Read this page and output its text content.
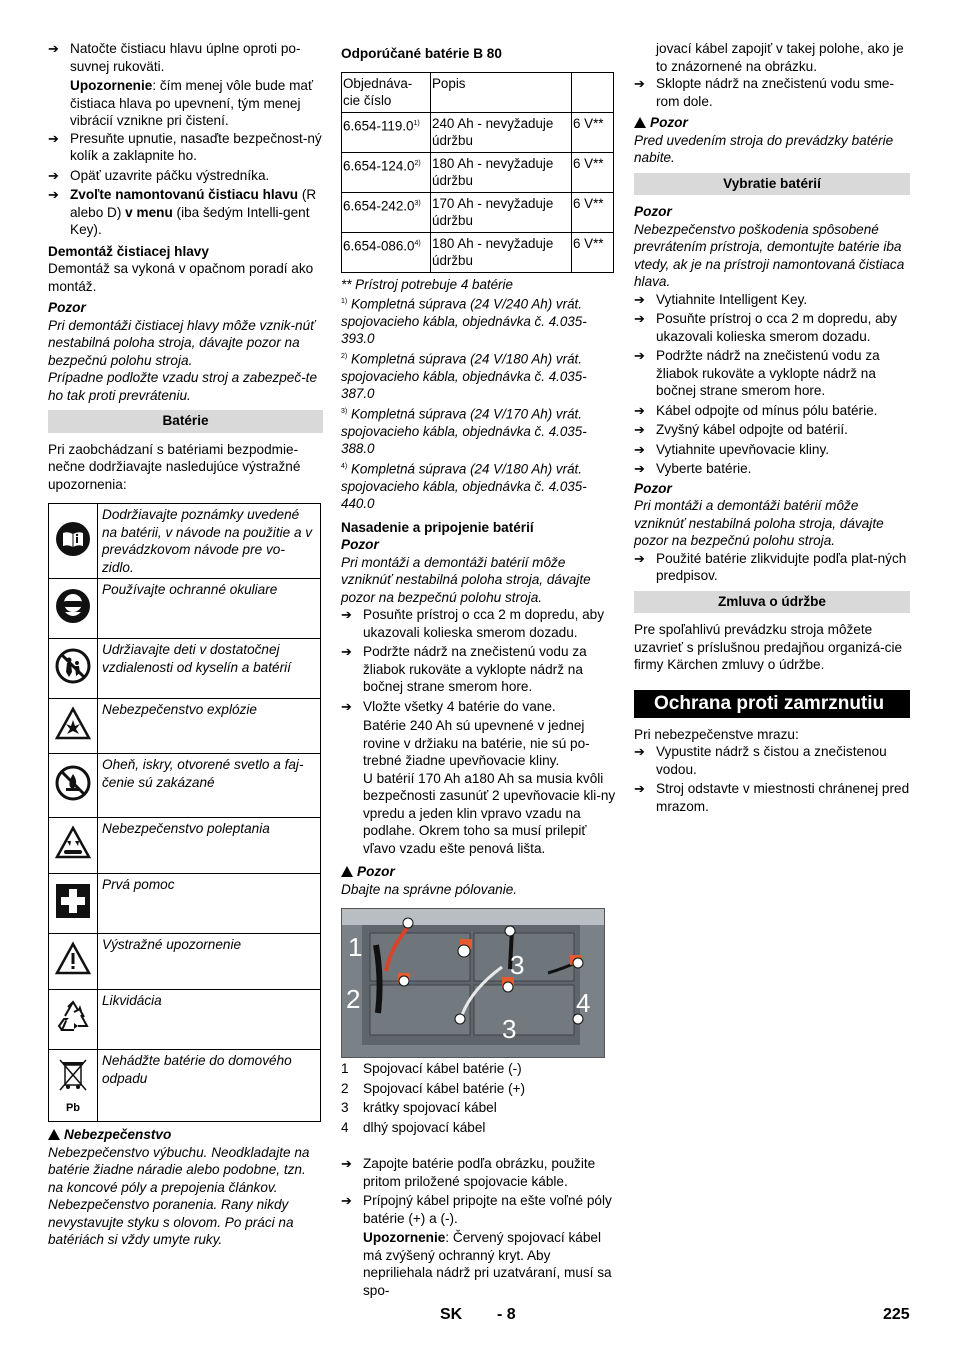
➔ Natočte čistiacu hlavu úplne oproti po-suvnej rukoväti.

Upozornenie: čím menej vôle bude mať čistiaca hlava po upevnení, tým menej vibrácií vznikne pri čistení.

➔ Presuňte upnutie, nasaďte bezpečnost-ný kolík a zaklapnite ho.
➔ Opäť uzavrite páčku výstredníka.
➔ Zvoľte namontovanú čistiacu hlavu (R alebo D) v menu (iba šedým Intelli-gent Key).

Demontáž čistiacej hlavy

Demontáž sa vykoná v opačnom poradí ako montáž.

Pozor

Pri demontáži čistiacej hlavy môže vznik-núť nestabilná poloha stroja, dávajte pozor na bezpečnú polohu stroja.

Prípadne podložte vzadu stroj a zabezpeč-te ho tak proti prevráteniu.

Batérie

Pri zaobchádzaní s batériami bezpodmie-nečne dodržiavajte nasledujúce výstražné upozornenia:

	Dodržiavajte poznámky uvedené na batérii, v návode na použitie a v prevádzkovom návode pre vo-zidlo.
	Používajte ochranné okuliare
	Udržiavajte deti v dostatočnej vzdialenosti od kyselín a batérií
	Nebezpečenstvo explózie
	Oheň, iskry, otvorené svetlo a faj-čenie sú zakázané
	Nebezpečenstvo poleptania
	Prvá pomoc
	Výstražné upozornenie
	Likvidácia

Pb	Nehádžte batérie do domového odpadu

Nebezpečenstvo

Nebezpečenstvo výbuchu. Neodkladajte na batérie žiadne náradie alebo podobne, tzn. na koncové póly a prepojenia článkov. Nebezpečenstvo poranenia. Rany nikdy nevystavujte styku s olovom. Po práci na batériách si vždy umyte ruky.

Odporúčané batérie B 80

Objednáva-cie číslo	Popis	
6.654-119.0$^{1)}$	240 Ah - nevyžaduje údržbu	6 V**
6.654-124.0$^{2)}$	180 Ah - nevyžaduje údržbu	6 V**
6.654-242.0$^{3)}$	170 Ah - nevyžaduje údržbu	6 V**
6.654-086.0$^{4)}$	180 Ah - nevyžaduje údržbu	6 V**

** Prístroj potrebuje 4 batérie

$^{1)}$ Kompletná súprava (24 V/240 Ah) vrát. spojovacieho kábla, objednávka č. 4.035-393.0

$^{2)}$ Kompletná súprava (24 V/180 Ah) vrát. spojovacieho kábla, objednávka č. 4.035-387.0

$^{3)}$ Kompletná súprava (24 V/170 Ah) vrát. spojovacieho kábla, objednávka č. 4.035-388.0

$^{4)}$ Kompletná súprava (24 V/180 Ah) vrát. spojovacieho kábla, objednávka č. 4.035-440.0

Nasadenie a pripojenie batérií

Pozor

Pri montáži a demontáži batérií môže vzniknúť nestabilná poloha stroja, dávajte pozor na bezpečnú polohu stroja.

➔ Posuňte prístroj o cca 2 m dopredu, aby ukazovali kolieska smerom dozadu.
➔ Podržte nádrž na znečistenú vodu za žliabok rukoväte a vyklopte nádrž na bočnej strane smerom hore.
➔ Vložte všetky 4 batérie do vane.

Batérie 240 Ah sú upevnené v jednej rovine v držiaku na batérie, nie sú po-trebné žiadne upevňovacie kliny.

U batérií 170 Ah a180 Ah sa musia kvôli bezpečnosti zasunúť 2 upevňovacie kli-ny vpredu a jeden klin vpravo vzadu na podlahe. Okrem toho sa musí prilepiť vľavo vzadu ešte penová lišta.

Pozor

Dbajte na správne pólovanie.

1
2
3
4
3
1	Spojovací kábel batérie (-)
2	Spojovací kábel batérie (+)
3	krátky spojovací kábel
4	dlhý spojovací kábel
➔ Zapojte batérie podľa obrázku, použite pritom priložené spojovacie káble.
➔ Prípojný kábel pripojte na ešte voľné póly batérie (+) a (-).

Upozornenie: Červený spojovací kábel má zvýšený ochranný kryt. Aby nepriliehala nádrž pri uzatváraní, musí sa spo-

jovací kábel zapojiť v takej polohe, ako je to znázornené na obrázku.

➔ Sklopte nádrž na znečistenú vodu sme-rom dole.

Pozor

Pred uvedením stroja do prevádzky batérie nabite.

Vybratie batérií

Pozor

Nebezpečenstvo poškodenia spôsobené prevrátením prístroja, demontujte batérie iba vtedy, ak je na prístroji namontovaná čistiaca hlava.

➔ Vytiahnite Intelligent Key.
➔ Posuňte prístroj o cca 2 m dopredu, aby ukazovali kolieska smerom dozadu.
➔ Podržte nádrž na znečistenú vodu za žliabok rukoväte a vyklopte nádrž na bočnej strane smerom hore.
➔ Kábel odpojte od mínus pólu batérie.
➔ Zvyšný kábel odpojte od batérií.
➔ Vytiahnite upevňovacie kliny.
➔ Vyberte batérie.

Pozor

Pri montáži a demontáži batérií môže vzniknúť nestabilná poloha stroja, dávajte pozor na bezpečnú polohu stroja.

➔ Použité batérie zlikvidujte podľa plat-ných predpisov.
Zmluva o údržbe

Pre spoľahlivú prevádzku stroja môžete uzavrieť s príslušnou predajňou organizá-cie firmy Kärchen zmluvy o údržbe.

Ochrana proti zamrznutiu

Pri nebezpečenstve mrazu:

➔ Vypustite nádrž s čistou a znečistenou vodou.
➔ Stroj odstavte v miestnosti chránenej pred mrazom.
SK - 8	225
